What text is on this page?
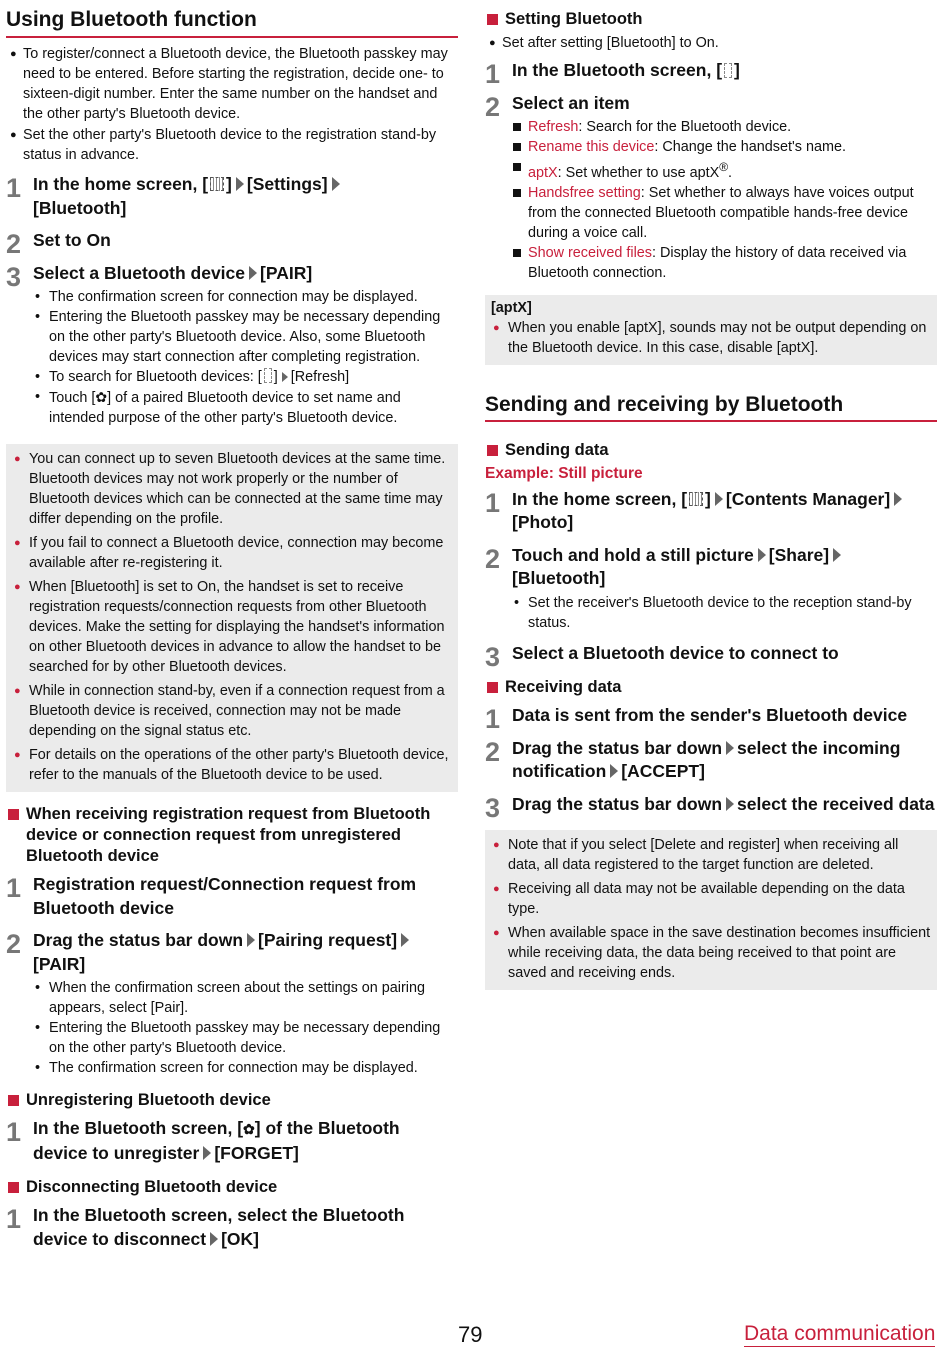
Using Bluetooth function
● To register/connect a Bluetooth device, the Bluetooth passkey may need to be entered. Before starting the registration, decide one- to sixteen-digit number. Enter the same number on the handset and the other party's Bluetooth device.
● Set the other party's Bluetooth device to the registration stand-by status in advance.
1 In the home screen, [ ] [Settings]
[Bluetooth]
2 Set to On
3 Select a Bluetooth device [PAIR]
• The confirmation screen for connection may be displayed.
• Entering the Bluetooth passkey may be necessary depending on the other party's Bluetooth device. Also, some Bluetooth devices may start connection after completing registration.
• To search for Bluetooth devices: [ ] [Refresh]
• Touch [✿] of a paired Bluetooth device to set name and intended purpose of the other party's Bluetooth device.
● You can connect up to seven Bluetooth devices at the same time. Bluetooth devices may not work properly or the number of Bluetooth devices which can be connected at the same time may differ depending on the profile.
● If you fail to connect a Bluetooth device, connection may become available after re-registering it.
● When [Bluetooth] is set to On, the handset is set to receive registration requests/connection requests from other Bluetooth devices. Make the setting for displaying the handset's information on other Bluetooth devices in advance to allow the handset to be searched for by other Bluetooth devices.
● While in connection stand-by, even if a connection request from a Bluetooth device is received, connection may not be made depending on the signal status etc.
● For details on the operations of the other party's Bluetooth device, refer to the manuals of the Bluetooth device to be used.
When receiving registration request from Bluetooth device or connection request from unregistered Bluetooth device
1 Registration request/Connection request from Bluetooth device
2 Drag the status bar down [Pairing request]
[PAIR]
• When the confirmation screen about the settings on pairing appears, select [Pair].
• Entering the Bluetooth passkey may be necessary depending on the other party's Bluetooth device.
• The confirmation screen for connection may be displayed.
Unregistering Bluetooth device
1 In the Bluetooth screen, [✿] of the Bluetooth device to unregister [FORGET]
Disconnecting Bluetooth device
1 In the Bluetooth screen, select the Bluetooth device to disconnect [OK]
Setting Bluetooth
● Set after setting [Bluetooth] to On.
1 In the Bluetooth screen, [ ]
2 Select an item
Refresh: Search for the Bluetooth device.
Rename this device: Change the handset's name.
aptX: Set whether to use aptX®.
Handsfree setting: Set whether to always have voices output from the connected Bluetooth compatible hands-free device during a voice call.
Show received files: Display the history of data received via Bluetooth connection.
[aptX]
● When you enable [aptX], sounds may not be output depending on the Bluetooth device. In this case, disable [aptX].
Sending and receiving by Bluetooth
Sending data
Example: Still picture
1 In the home screen, [ ] [Contents Manager]
[Photo]
2 Touch and hold a still picture [Share]
[Bluetooth]
• Set the receiver's Bluetooth device to the reception stand-by status.
3 Select a Bluetooth device to connect to
Receiving data
1 Data is sent from the sender's Bluetooth device
2 Drag the status bar down select the incoming notification [ACCEPT]
3 Drag the status bar down select the received data
● Note that if you select [Delete and register] when receiving all data, all data registered to the target function are deleted.
● Receiving all data may not be available depending on the data type.
● When available space in the save destination becomes insufficient while receiving data, the data being received to that point are saved and receiving ends.
79	Data communication
